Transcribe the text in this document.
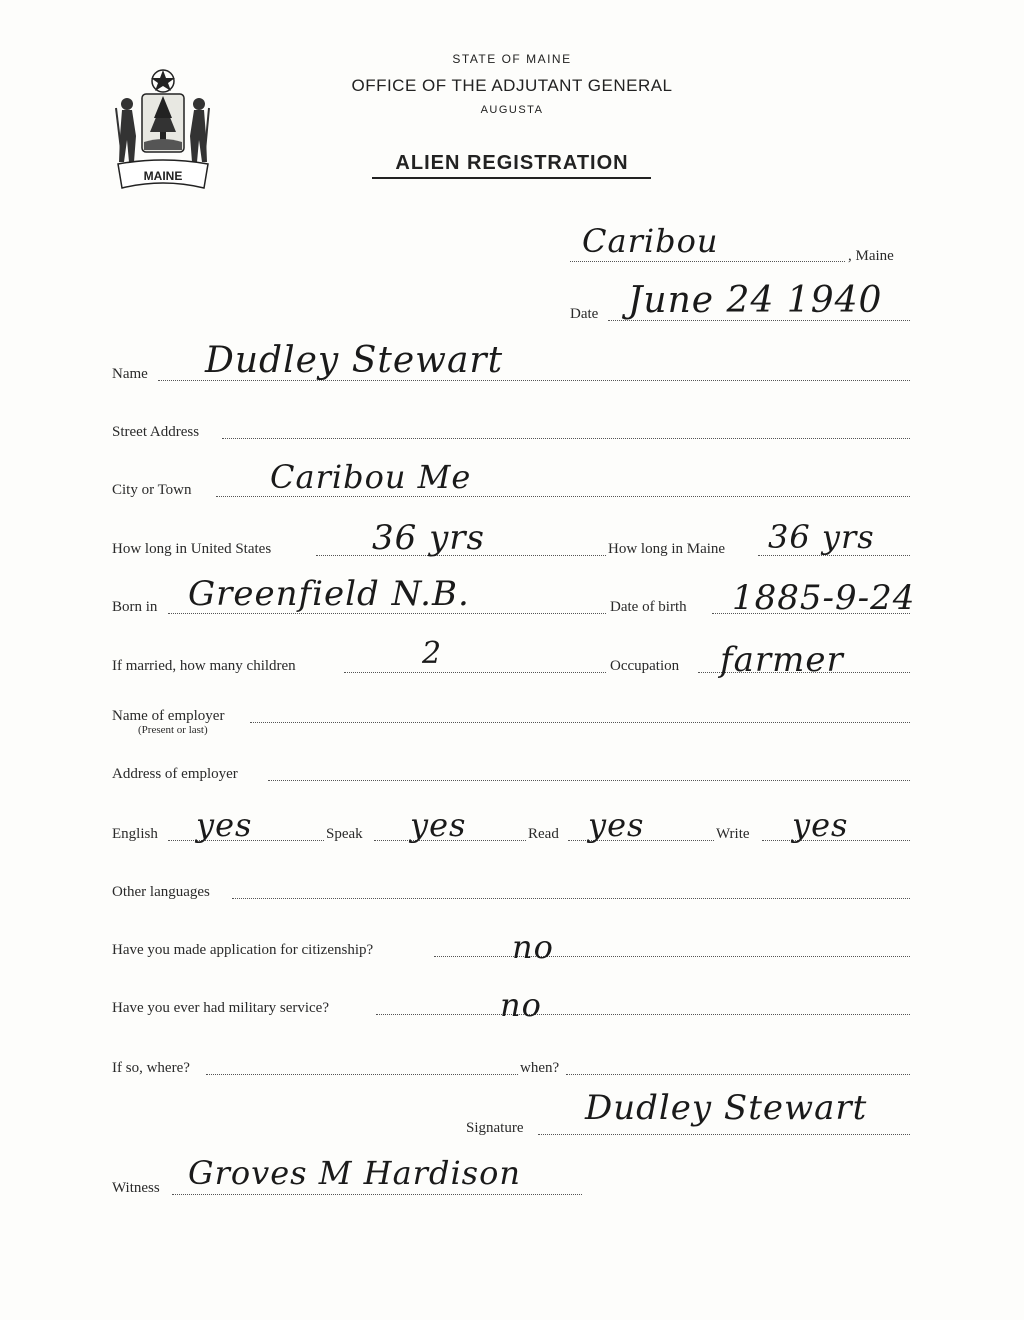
STATE OF MAINE
OFFICE OF THE ADJUTANT GENERAL
AUGUSTA
ALIEN REGISTRATION
MAINE
Caribou	, Maine
Date June 24 1940
Name Dudley Stewart
Street Address
City or Town Caribou Me
How long in United States	36 yrs	How long in Maine 36 yrs
Born in Greenfield N.B.	Date of birth 1885-9-24
If married, how many children	2	Occupation farmer
Name of employer
(Present or last)
Address of employer
English yes	Speak yes	Read yes	Write yes
Other languages
Have you made application for citizenship?	no
Have you ever had military service?	no
If so, where?	when?
Signature Dudley Stewart
Witness Groves M Hardison
